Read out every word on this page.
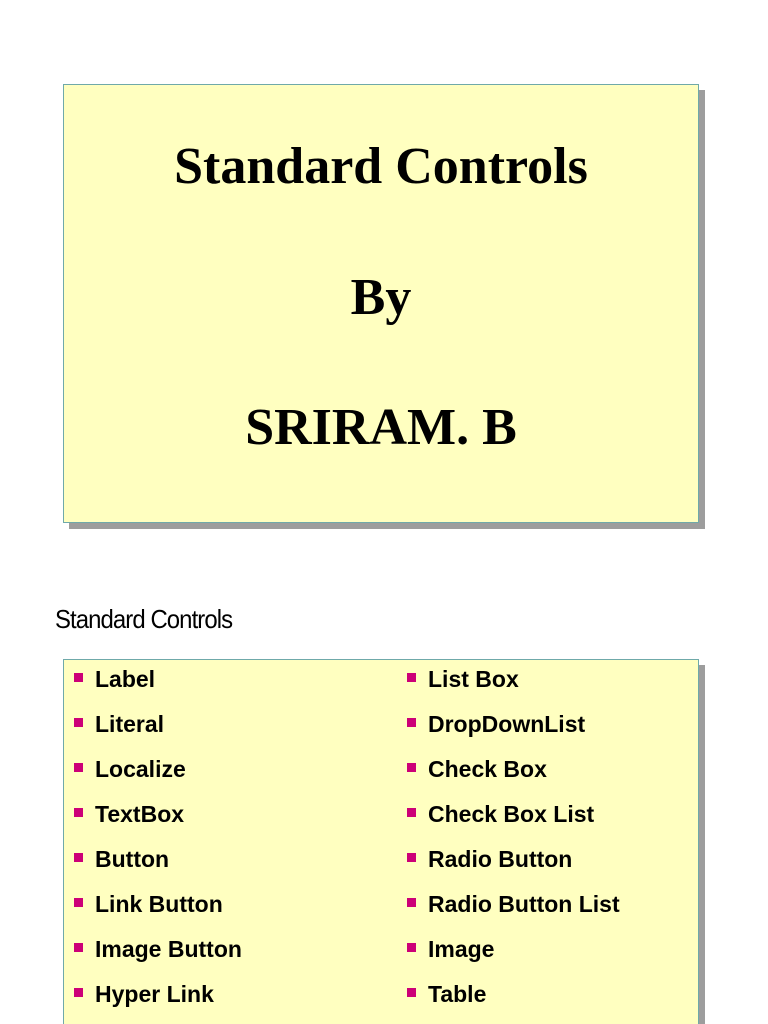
Standard Controls
By
SRIRAM. B
Standard Controls
Label
Literal
Localize
TextBox
Button
Link Button
Image Button
Hyper Link
List Box
DropDownList
Check Box
Check Box List
Radio Button
Radio Button List
Image
Table
